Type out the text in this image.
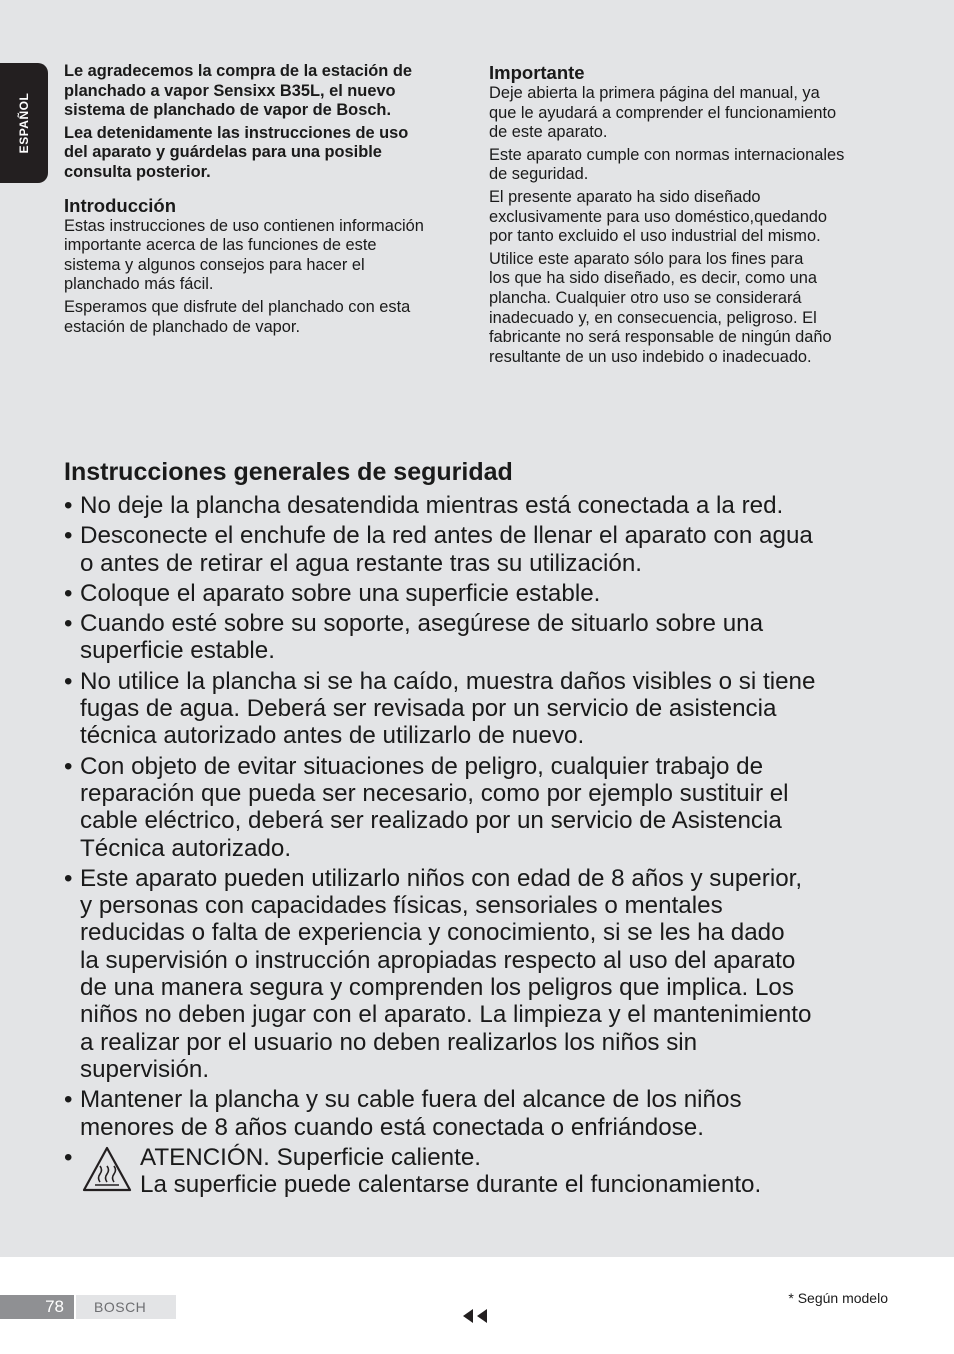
ESPAÑOL

Le agradecemos la compra de la estación de

planchado a vapor Sensixx B35L, el nuevo

sistema de planchado de vapor de Bosch.

Lea detenidamente las instrucciones de uso

del aparato y guárdelas para una posible

consulta posterior.

Introducción

Estas instrucciones de uso contienen información

importante acerca de las funciones de este

sistema y algunos consejos para hacer el

planchado más fácil.

Esperamos que disfrute del planchado con esta

estación de planchado de vapor.

Importante

Deje abierta la primera página del manual, ya

que le ayudará a comprender el funcionamiento

de este aparato.

Este aparato cumple con normas internacionales

de seguridad.

El presente aparato ha sido diseñado

exclusivamente para uso doméstico,quedando

por tanto excluido el uso industrial del mismo.

Utilice este aparato sólo para los fines para

los que ha sido diseñado, es decir, como una

plancha. Cualquier otro uso se considerará

inadecuado y, en consecuencia, peligroso. El

fabricante no será responsable de ningún daño

resultante de un uso indebido o inadecuado.

Instrucciones generales de seguridad
• No deje la plancha desatendida mientras está conectada a la red.
• Desconecte el enchufe de la red antes de llenar el aparato con agua
o antes de retirar el agua restante tras su utilización.
• Coloque el aparato sobre una superficie estable.
• Cuando esté sobre su soporte, asegúrese de situarlo sobre una
superficie estable.
• No utilice la plancha si se ha caído, muestra daños visibles o si tiene
fugas de agua. Deberá ser revisada por un servicio de asistencia
técnica autorizado antes de utilizarlo de nuevo.
• Con objeto de evitar situaciones de peligro, cualquier trabajo de
reparación que pueda ser necesario, como por ejemplo sustituir el
cable eléctrico, deberá ser realizado por un servicio de Asistencia
Técnica autorizado.
• Este aparato pueden utilizarlo niños con edad de 8 años y superior,
y personas con capacidades físicas, sensoriales o mentales
reducidas o falta de experiencia y conocimiento, si se les ha dado
la supervisión o instrucción apropiadas respecto al uso del aparato
de una manera segura y comprenden los peligros que implica. Los
niños no deben jugar con el aparato. La limpieza y el mantenimiento
a realizar por el usuario no deben realizarlos los niños sin
supervisión.
• Mantener la plancha y su cable fuera del alcance de los niños
menores de 8 años cuando está conectada o enfriándose.
• ATENCIÓN. Superficie caliente.
La superficie puede calentarse durante el funcionamiento.
78	BOSCH
* Según modelo
